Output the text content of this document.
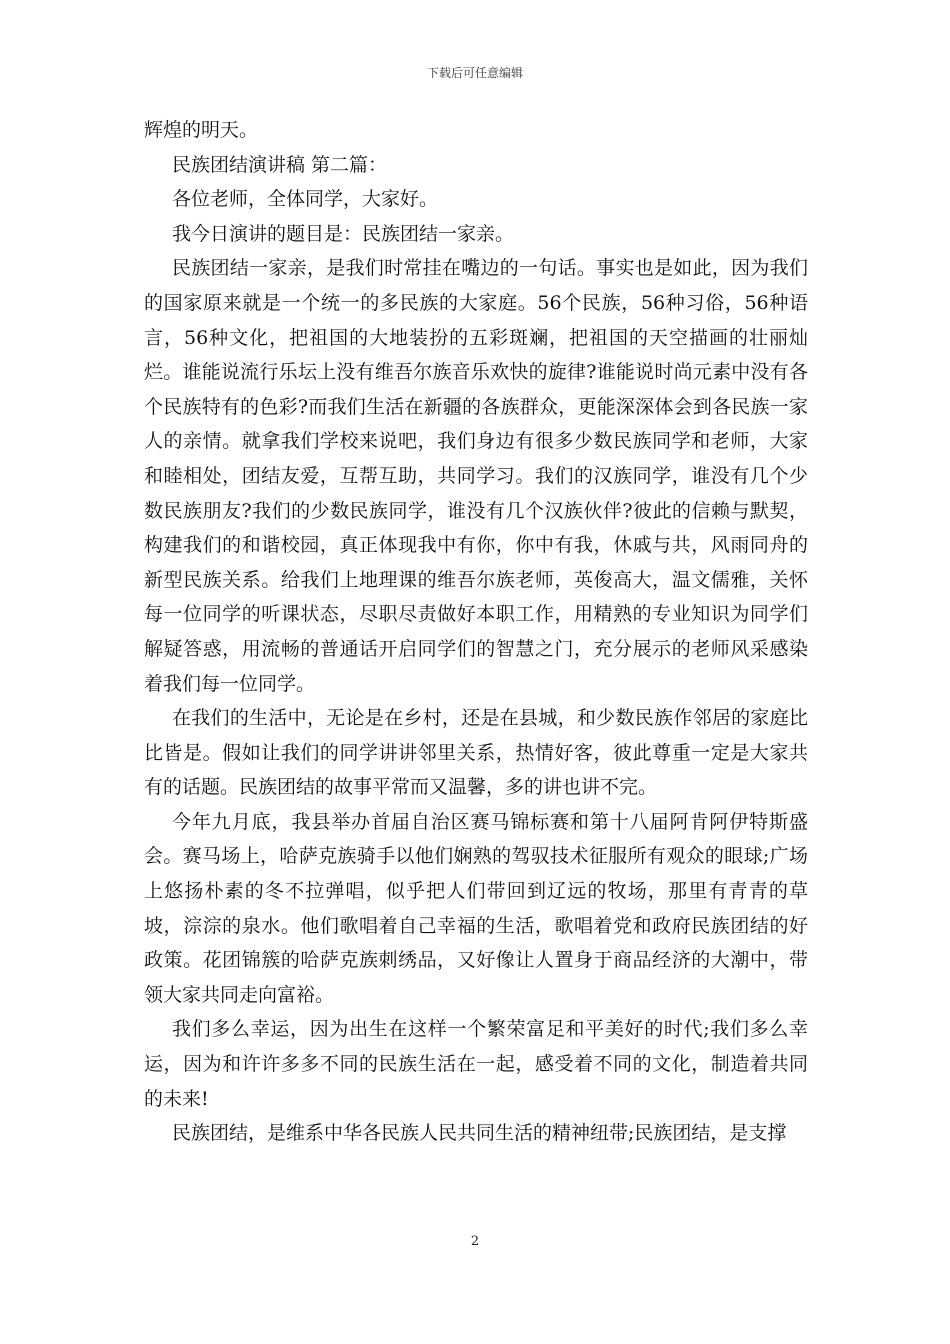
下载后可任意编辑

辉煌的明天。

民族团结演讲稿 第二篇：

各位老师，全体同学，大家好。

我今日演讲的题目是：民族团结一家亲。

民族团结一家亲，是我们时常挂在嘴边的一句话。事实也是如此，因为我们的国家原来就是一个统一的多民族的大家庭。56个民族，56种习俗，56种语言，56种文化，把祖国的大地装扮的五彩斑斓，把祖国的天空描画的壮丽灿烂。谁能说流行乐坛上没有维吾尔族音乐欢快的旋律?谁能说时尚元素中没有各个民族特有的色彩?而我们生活在新疆的各族群众，更能深深体会到各民族一家人的亲情。就拿我们学校来说吧，我们身边有很多少数民族同学和老师，大家和睦相处，团结友爱，互帮互助，共同学习。我们的汉族同学，谁没有几个少数民族朋友?我们的少数民族同学，谁没有几个汉族伙伴?彼此的信赖与默契，构建我们的和谐校园，真正体现我中有你，你中有我，休戚与共，风雨同舟的新型民族关系。给我们上地理课的维吾尔族老师，英俊高大，温文儒雅，关怀每一位同学的听课状态，尽职尽责做好本职工作，用精熟的专业知识为同学们解疑答惑，用流畅的普通话开启同学们的智慧之门，充分展示的老师风采感染着我们每一位同学。

在我们的生活中，无论是在乡村，还是在县城，和少数民族作邻居的家庭比比皆是。假如让我们的同学讲讲邻里关系，热情好客，彼此尊重一定是大家共有的话题。民族团结的故事平常而又温馨，多的讲也讲不完。

今年九月底，我县举办首届自治区赛马锦标赛和第十八届阿肯阿伊特斯盛会。赛马场上，哈萨克族骑手以他们娴熟的驾驭技术征服所有观众的眼球;广场上悠扬朴素的冬不拉弹唱，似乎把人们带回到辽远的牧场，那里有青青的草坡，淙淙的泉水。他们歌唱着自己幸福的生活，歌唱着党和政府民族团结的好政策。花团锦簇的哈萨克族刺绣品，又好像让人置身于商品经济的大潮中，带领大家共同走向富裕。

我们多么幸运，因为出生在这样一个繁荣富足和平美好的时代;我们多么幸运，因为和许许多多不同的民族生活在一起，感受着不同的文化，制造着共同的未来!

民族团结，是维系中华各民族人民共同生活的精神纽带;民族团结，是支撑

2
